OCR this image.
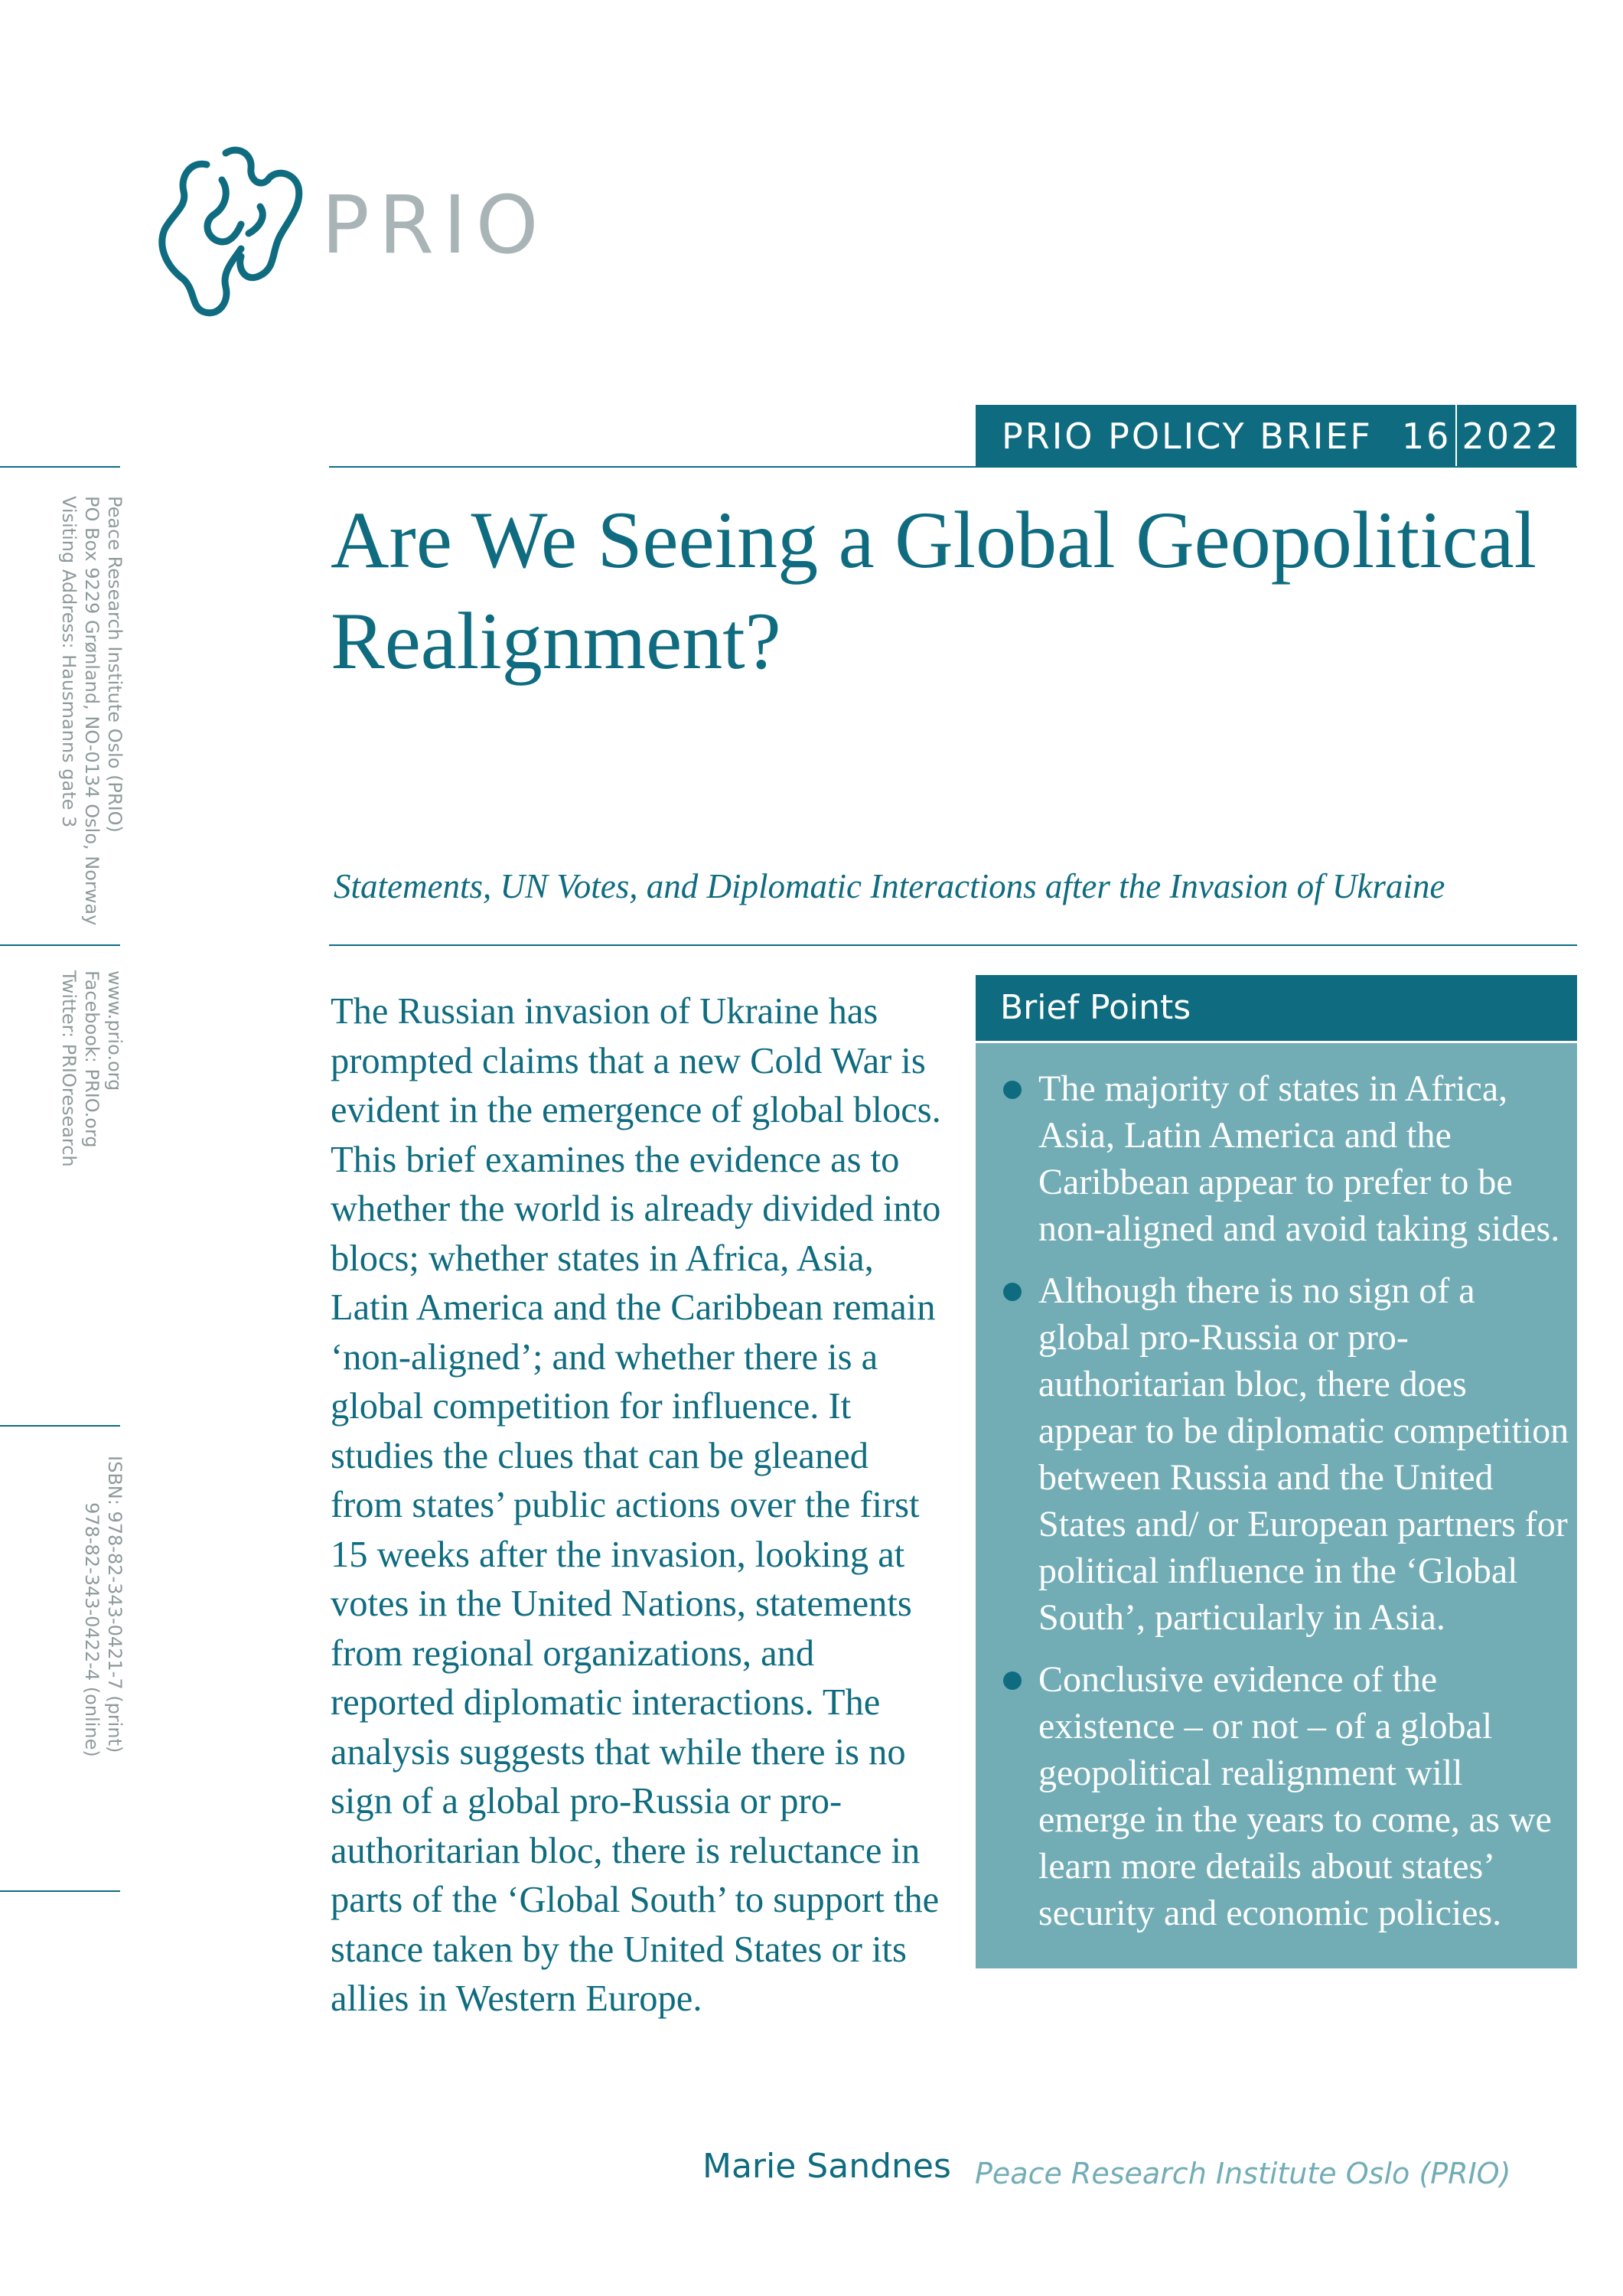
PRIO
PRIO POLICY BRIEF 16 2022
Peace Research Institute Oslo (PRIO)
PO Box 9229 Grønland, NO-0134 Oslo, Norway
Visiting Address: Hausmanns gate 3
www.prio.org
Facebook: PRIO.org
Twitter: PRIOresearch
ISBN: 978-82-343-0421-7 (print)
978-82-343-0422-4 (online)
Are We Seeing a Global Geopolitical Realignment?
Statements, UN Votes, and Diplomatic Interactions after the Invasion of Ukraine

The Russian invasion of Ukraine has prompted claims that a new Cold War is evident in the emergence of global blocs. This brief examines the evidence as to whether the world is already divided into blocs; whether states in Africa, Asia, Latin America and the Caribbean remain ‘non-aligned’; and whether there is a global competition for influence. It studies the clues that can be gleaned from states’ public actions over the first 15 weeks after the invasion, looking at votes in the United Nations, statements from regional organizations, and reported diplomatic interactions. The analysis suggests that while there is no sign of a global pro-Russia or pro-authoritarian bloc, there is reluctance in parts of the ‘Global South’ to support the stance taken by the United States or its allies in Western Europe.

Brief Points
The majority of states in Africa, Asia, Latin America and the Caribbean appear to prefer to be non-aligned and avoid taking sides.
Although there is no sign of a global pro-Russia or pro-authoritarian bloc, there does appear to be diplomatic competition between Russia and the United States and/ or European partners for political influence in the ‘Global South’, particularly in Asia.
Conclusive evidence of the existence – or not – of a global geopolitical realignment will emerge in the years to come, as we learn more details about states’ security and economic policies.
Marie Sandnes Peace Research Institute Oslo (PRIO)
